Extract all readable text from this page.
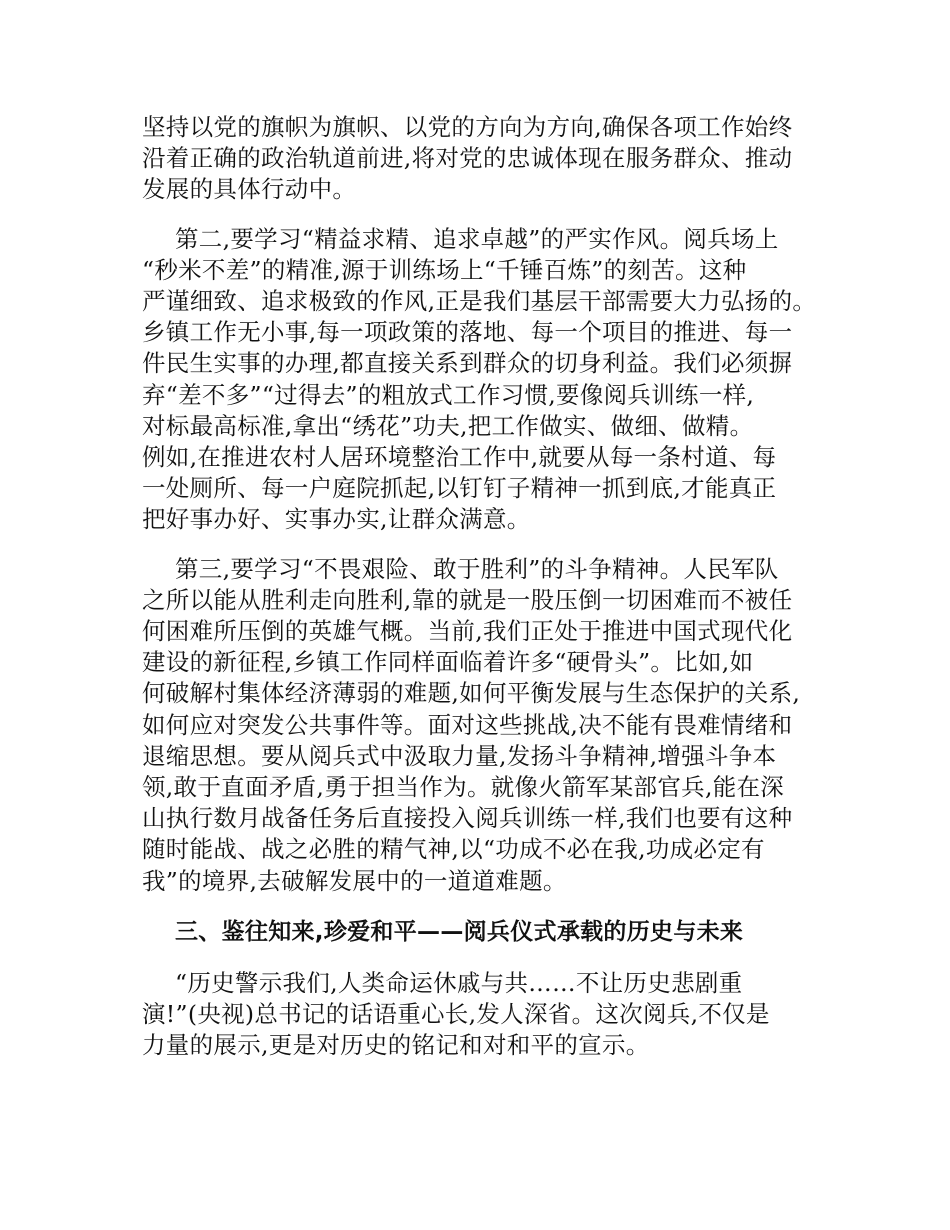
坚持以党的旗帜为旗帜、以党的方向为方向,确保各项工作始终
沿着正确的政治轨道前进,将对党的忠诚体现在服务群众、推动
发展的具体行动中。

第二,要学习“精益求精、追求卓越”的严实作风。阅兵场上
“秒米不差”的精准,源于训练场上“千锤百炼”的刻苦。这种
严谨细致、追求极致的作风,正是我们基层干部需要大力弘扬的。
乡镇工作无小事,每一项政策的落地、每一个项目的推进、每一
件民生实事的办理,都直接关系到群众的切身利益。我们必须摒
弃“差不多”“过得去”的粗放式工作习惯,要像阅兵训练一样,
对标最高标准,拿出“绣花”功夫,把工作做实、做细、做精。
例如,在推进农村人居环境整治工作中,就要从每一条村道、每
一处厕所、每一户庭院抓起,以钉钉子精神一抓到底,才能真正
把好事办好、实事办实,让群众满意。

第三,要学习“不畏艰险、敢于胜利”的斗争精神。人民军队
之所以能从胜利走向胜利,靠的就是一股压倒一切困难而不被任
何困难所压倒的英雄气概。当前,我们正处于推进中国式现代化
建设的新征程,乡镇工作同样面临着许多“硬骨头”。比如,如
何破解村集体经济薄弱的难题,如何平衡发展与生态保护的关系,
如何应对突发公共事件等。面对这些挑战,决不能有畏难情绪和
退缩思想。要从阅兵式中汲取力量,发扬斗争精神,增强斗争本
领,敢于直面矛盾,勇于担当作为。就像火箭军某部官兵,能在深
山执行数月战备任务后直接投入阅兵训练一样,我们也要有这种
随时能战、战之必胜的精气神,以“功成不必在我,功成必定有
我”的境界,去破解发展中的一道道难题。

三、鉴往知来,珍爱和平——阅兵仪式承载的历史与未来

“历史警示我们,人类命运休戚与共……不让历史悲剧重
演!”(央视)总书记的话语重心长,发人深省。这次阅兵,不仅是
力量的展示,更是对历史的铭记和对和平的宣示。
